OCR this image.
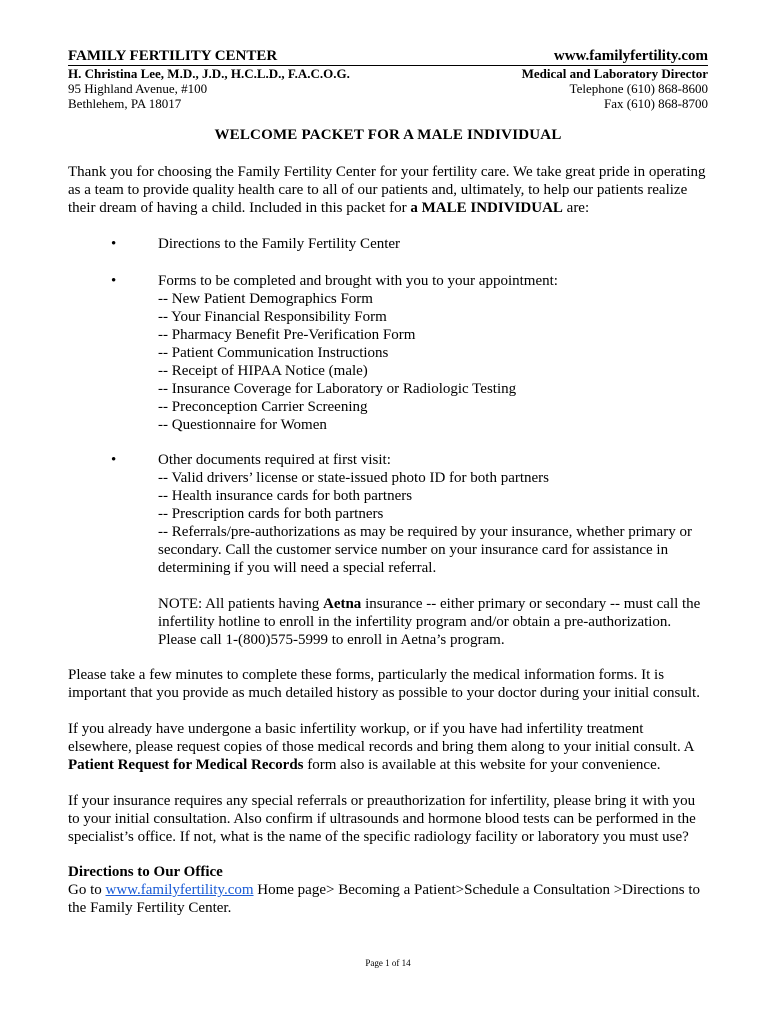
FAMILY FERTILITY CENTER	www.familyfertility.com
H. Christina Lee, M.D., J.D., H.C.L.D., F.A.C.O.G.	Medical and Laboratory Director
95 Highland Avenue, #100	Telephone (610) 868-8600
Bethlehem, PA 18017	Fax (610) 868-8700
WELCOME PACKET FOR A MALE INDIVIDUAL
Thank you for choosing the Family Fertility Center for your fertility care. We take great pride in operating as a team to provide quality health care to all of our patients and, ultimately, to help our patients realize their dream of having a child. Included in this packet for a MALE INDIVIDUAL are:
•	Directions to the Family Fertility Center
•	Forms to be completed and brought with you to your appointment:
-- New Patient Demographics Form
-- Your Financial Responsibility Form
-- Pharmacy Benefit Pre-Verification Form
-- Patient Communication Instructions
-- Receipt of HIPAA Notice (male)
-- Insurance Coverage for Laboratory or Radiologic Testing
-- Preconception Carrier Screening
-- Questionnaire for Women
•	Other documents required at first visit:
-- Valid drivers’ license or state-issued photo ID for both partners
-- Health insurance cards for both partners
-- Prescription cards for both partners
-- Referrals/pre-authorizations as may be required by your insurance, whether primary or secondary. Call the customer service number on your insurance card for assistance in determining if you will need a special referral.
NOTE: All patients having Aetna insurance -- either primary or secondary -- must call the infertility hotline to enroll in the infertility program and/or obtain a pre-authorization. Please call 1-(800)575-5999 to enroll in Aetna’s program.
Please take a few minutes to complete these forms, particularly the medical information forms. It is important that you provide as much detailed history as possible to your doctor during your initial consult.
If you already have undergone a basic infertility workup, or if you have had infertility treatment elsewhere, please request copies of those medical records and bring them along to your initial consult. A Patient Request for Medical Records form also is available at this website for your convenience.
If your insurance requires any special referrals or preauthorization for infertility, please bring it with you to your initial consultation. Also confirm if ultrasounds and hormone blood tests can be performed in the specialist’s office. If not, what is the name of the specific radiology facility or laboratory you must use?
Directions to Our Office
Go to www.familyfertility.com Home page> Becoming a Patient>Schedule a Consultation >Directions to the Family Fertility Center.
Page 1 of 14
